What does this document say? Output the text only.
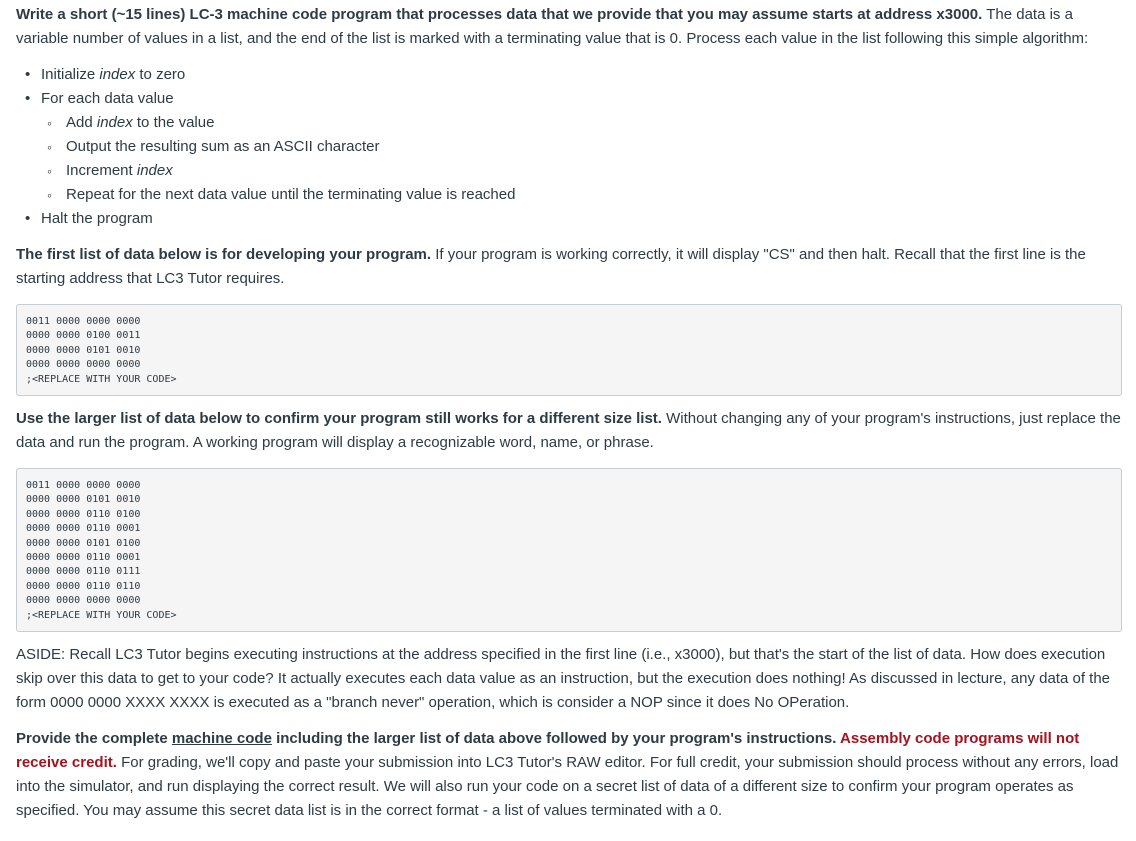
Write a short (~15 lines) LC-3 machine code program that processes data that we provide that you may assume starts at address x3000. The data is a variable number of values in a list, and the end of the list is marked with a terminating value that is 0. Process each value in the list following this simple algorithm:

• Initialize index to zero
• For each data value
◦ Add index to the value
◦ Output the resulting sum as an ASCII character
◦ Increment index
◦ Repeat for the next data value until the terminating value is reached
• Halt the program

The first list of data below is for developing your program. If your program is working correctly, it will display "CS" and then halt. Recall that the first line is the starting address that LC3 Tutor requires.

0011 0000 0000 0000
0000 0000 0100 0011
0000 0000 0101 0010
0000 0000 0000 0000
;<REPLACE WITH YOUR CODE>

Use the larger list of data below to confirm your program still works for a different size list. Without changing any of your program's instructions, just replace the data and run the program. A working program will display a recognizable word, name, or phrase.

0011 0000 0000 0000
0000 0000 0101 0010
0000 0000 0110 0100
0000 0000 0110 0001
0000 0000 0101 0100
0000 0000 0110 0001
0000 0000 0110 0111
0000 0000 0110 0110
0000 0000 0000 0000
;<REPLACE WITH YOUR CODE>

ASIDE: Recall LC3 Tutor begins executing instructions at the address specified in the first line (i.e., x3000), but that's the start of the list of data. How does execution skip over this data to get to your code? It actually executes each data value as an instruction, but the execution does nothing! As discussed in lecture, any data of the form 0000 0000 XXXX XXXX is executed as a "branch never" operation, which is consider a NOP since it does No OPeration.

Provide the complete machine code including the larger list of data above followed by your program's instructions. Assembly code programs will not receive credit. For grading, we'll copy and paste your submission into LC3 Tutor's RAW editor. For full credit, your submission should process without any errors, load into the simulator, and run displaying the correct result. We will also run your code on a secret list of data of a different size to confirm your program operates as specified. You may assume this secret data list is in the correct format - a list of values terminated with a 0.
